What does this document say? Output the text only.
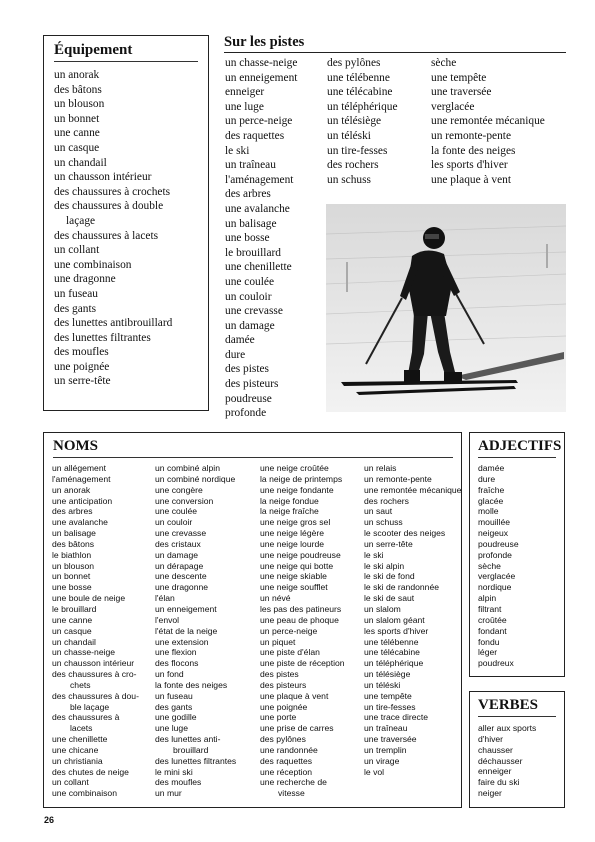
Équipement
un anorak
des bâtons
un blouson
un bonnet
une canne
un casque
un chandail
un chausson intérieur
des chaussures à crochets
des chaussures à double
laçage
des chaussures à lacets
un collant
une combinaison
une dragonne
un fuseau
des gants
des lunettes antibrouillard
des lunettes filtrantes
des moufles
une poignée
un serre-tête
Sur les pistes
un chasse-neige
un enneigement
enneiger
une luge
un perce-neige
des raquettes
le ski
un traîneau
l'aménagement
des arbres
une avalanche
un balisage
une bosse
le brouillard
une chenillette
une coulée
un couloir
une crevasse
un damage
damée
dure
des pistes
des pisteurs
poudreuse
profonde
des pylônes
une télébenne
une télécabine
un téléphérique
un télésiège
un téléski
un tire-fesses
des rochers
un schuss
sèche
une tempête
une traversée
verglacée
une remontée mécanique
un remonte-pente
la fonte des neiges
les sports d'hiver
une plaque à vent
NOMS
un allégement
l'aménagement
un anorak
une anticipation
des arbres
une avalanche
un balisage
des bâtons
le biathlon
un blouson
un bonnet
une bosse
une boule de neige
le brouillard
une canne
un casque
un chandail
un chasse-neige
un chausson intérieur
des chaussures à cro-
chets
des chaussures à dou-
ble laçage
des chaussures à
lacets
une chenillette
une chicane
un christiania
des chutes de neige
un collant
une combinaison
un combiné alpin
un combiné nordique
une congère
une conversion
une coulée
un couloir
une crevasse
des cristaux
un damage
un dérapage
une descente
une dragonne
l'élan
un enneigement
l'envol
l'état de la neige
une extension
une flexion
des flocons
un fond
la fonte des neiges
un fuseau
des gants
une godille
une luge
des lunettes anti-
brouillard
des lunettes filtrantes
le mini ski
des moufles
un mur
une neige croûtée
la neige de printemps
une neige fondante
la neige fondue
la neige fraîche
une neige gros sel
une neige légère
une neige lourde
une neige poudreuse
une neige qui botte
une neige skiable
une neige soufflet
un névé
les pas des patineurs
une peau de phoque
un perce-neige
un piquet
une piste d'élan
une piste de réception
des pistes
des pisteurs
une plaque à vent
une poignée
une porte
une prise de carres
des pylônes
une randonnée
des raquettes
une réception
une recherche de
vitesse
un relais
un remonte-pente
une remontée mécanique
des rochers
un saut
un schuss
le scooter des neiges
un serre-tête
le ski
le ski alpin
le ski de fond
le ski de randonnée
le ski de saut
un slalom
un slalom géant
les sports d'hiver
une télébenne
une télécabine
un téléphérique
un télésiège
un téléski
une tempête
un tire-fesses
une trace directe
un traîneau
une traversée
un tremplin
un virage
le vol
ADJECTIFS
damée
dure
fraîche
glacée
molle
mouillée
neigeux
poudreuse
profonde
sèche
verglacée
nordique
alpin
filtrant
croûtée
fondant
fondu
léger
poudreux
VERBES
aller aux sports
d'hiver
chausser
déchausser
enneiger
faire du ski
neiger
26
